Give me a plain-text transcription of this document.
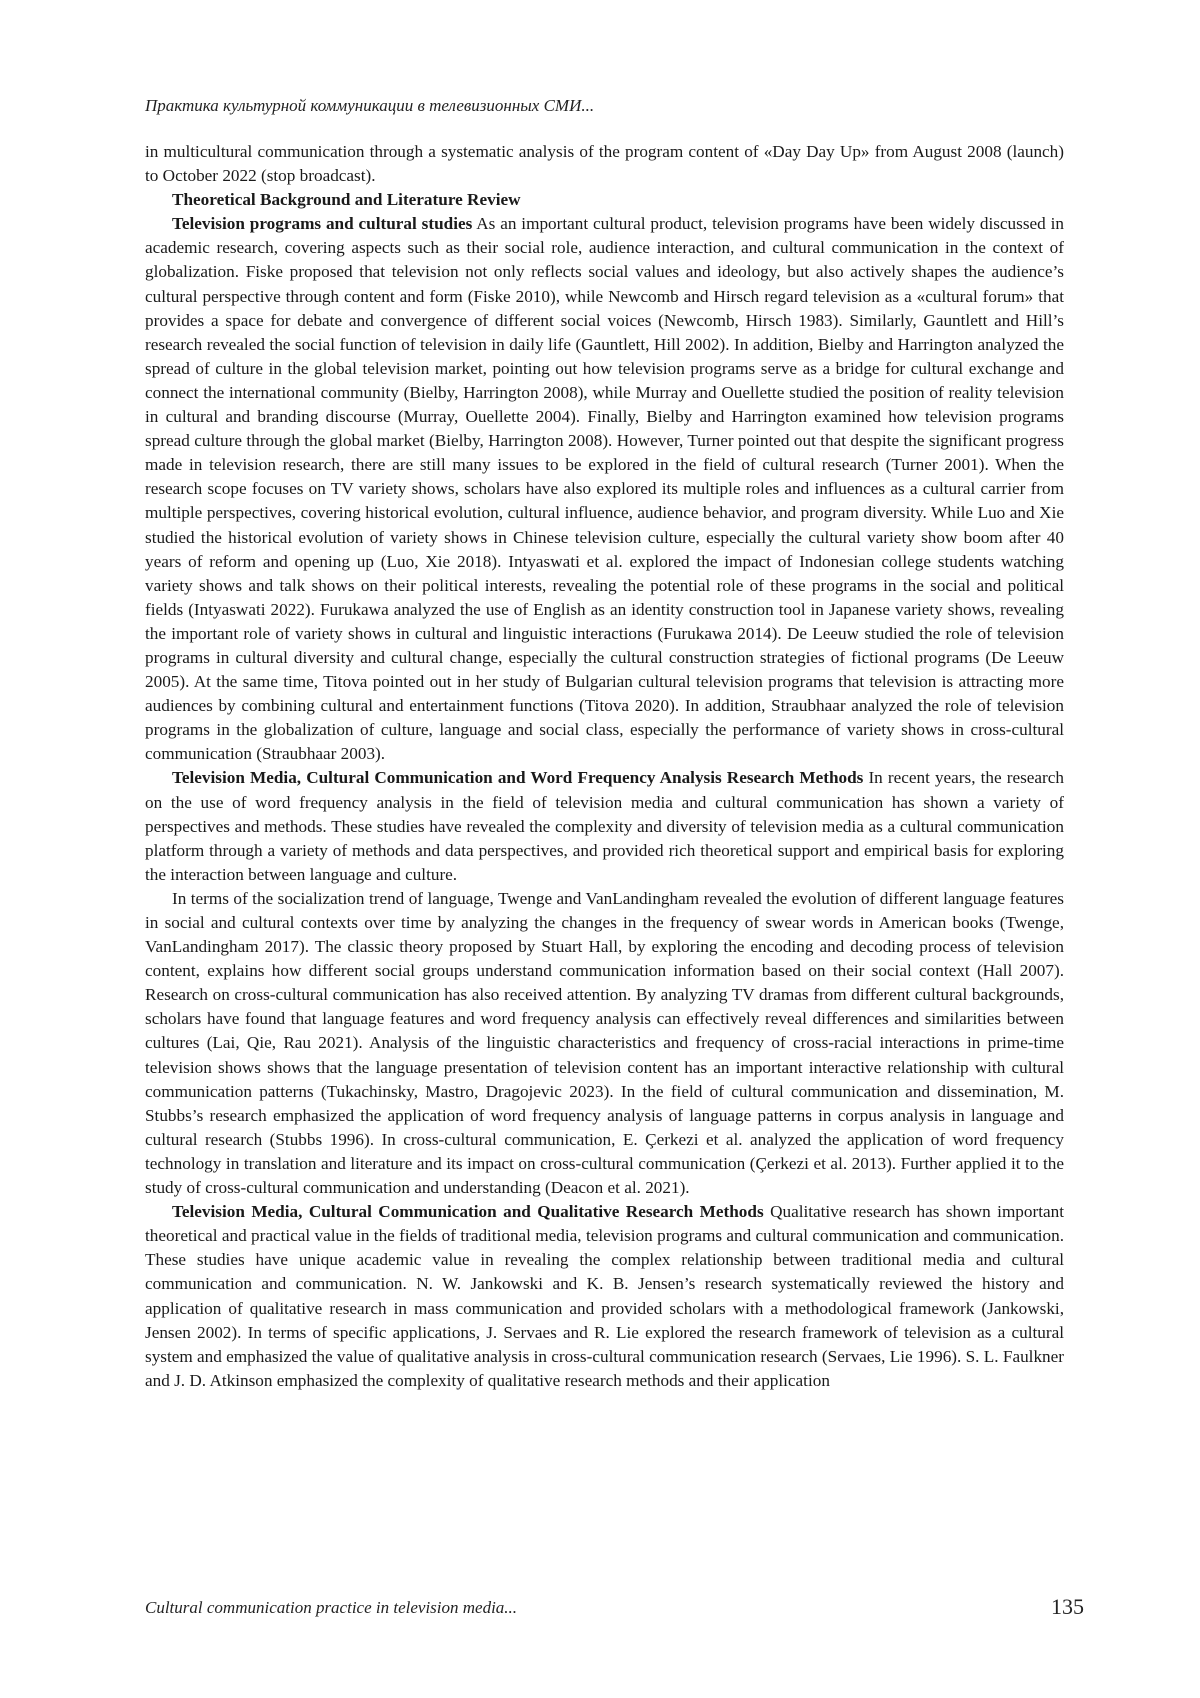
Практика культурной коммуникации в телевизионных СМИ...

in multicultural communication through a systematic analysis of the program content of «Day Day Up» from August 2008 (launch) to October 2022 (stop broadcast).

Theoretical Background and Literature Review

Television programs and cultural studies As an important cultural product, television programs have been widely discussed in academic research, covering aspects such as their social role, audience interaction, and cultural communication in the context of globalization. Fiske proposed that television not only reflects social values and ideology, but also actively shapes the audience’s cultural perspective through content and form (Fiske 2010), while Newcomb and Hirsch regard television as a «cultural forum» that provides a space for debate and convergence of different social voices (Newcomb, Hirsch 1983). Similarly, Gauntlett and Hill’s research revealed the social function of television in daily life (Gauntlett, Hill 2002). In addition, Bielby and Harrington analyzed the spread of culture in the global television market, pointing out how television programs serve as a bridge for cultural exchange and connect the international community (Bielby, Harrington 2008), while Murray and Ouellette studied the position of reality television in cultural and branding discourse (Murray, Ouellette 2004). Finally, Bielby and Harrington examined how television programs spread culture through the global market (Bielby, Harrington 2008). However, Turner pointed out that despite the significant progress made in television research, there are still many issues to be explored in the field of cultural research (Turner 2001). When the research scope focuses on TV variety shows, scholars have also explored its multiple roles and influences as a cultural carrier from multiple perspectives, covering historical evolution, cultural influence, audience behavior, and program diversity. While Luo and Xie studied the historical evolution of variety shows in Chinese television culture, especially the cultural variety show boom after 40 years of reform and opening up (Luo, Xie 2018). Intyaswati et al. explored the impact of Indonesian college students watching variety shows and talk shows on their political interests, revealing the potential role of these programs in the social and political fields (Intyaswati 2022). Furukawa analyzed the use of English as an identity construction tool in Japanese variety shows, revealing the important role of variety shows in cultural and linguistic interactions (Furukawa 2014). De Leeuw studied the role of television programs in cultural diversity and cultural change, especially the cultural construction strategies of fictional programs (De Leeuw 2005). At the same time, Titova pointed out in her study of Bulgarian cultural television programs that television is attracting more audiences by combining cultural and entertainment functions (Titova 2020). In addition, Straubhaar analyzed the role of television programs in the globalization of culture, language and social class, especially the performance of variety shows in cross-cultural communication (Straubhaar 2003).

Television Media, Cultural Communication and Word Frequency Analysis Research Methods In recent years, the research on the use of word frequency analysis in the field of television media and cultural communication has shown a variety of perspectives and methods. These studies have revealed the complexity and diversity of television media as a cultural communication platform through a variety of methods and data perspectives, and provided rich theoretical support and empirical basis for exploring the interaction between language and culture.

In terms of the socialization trend of language, Twenge and VanLandingham revealed the evolution of different language features in social and cultural contexts over time by analyzing the changes in the frequency of swear words in American books (Twenge, VanLandingham 2017). The classic theory proposed by Stuart Hall, by exploring the encoding and decoding process of television content, explains how different social groups understand communication information based on their social context (Hall 2007). Research on cross-cultural communication has also received attention. By analyzing TV dramas from different cultural backgrounds, scholars have found that language features and word frequency analysis can effectively reveal differences and similarities between cultures (Lai, Qie, Rau 2021). Analysis of the linguistic characteristics and frequency of cross-racial interactions in prime-time television shows shows that the language presentation of television content has an important interactive relationship with cultural communication patterns (Tukachinsky, Mastro, Dragojevic 2023). In the field of cultural communication and dissemination, M. Stubbs’s research emphasized the application of word frequency analysis of language patterns in corpus analysis in language and cultural research (Stubbs 1996). In cross-cultural communication, E. Çerkezi et al. analyzed the application of word frequency technology in translation and literature and its impact on cross-cultural communication (Çerkezi et al. 2013). Further applied it to the study of cross-cultural communication and understanding (Deacon et al. 2021).

Television Media, Cultural Communication and Qualitative Research Methods Qualitative research has shown important theoretical and practical value in the fields of traditional media, television programs and cultural communication and communication. These studies have unique academic value in revealing the complex relationship between traditional media and cultural communication and communication. N. W. Jankowski and K. B. Jensen’s research systematically reviewed the history and application of qualitative research in mass communication and provided scholars with a methodological framework (Jankowski, Jensen 2002). In terms of specific applications, J. Servaes and R. Lie explored the research framework of television as a cultural system and emphasized the value of qualitative analysis in cross-cultural communication research (Servaes, Lie 1996). S. L. Faulkner and J. D. Atkinson emphasized the complexity of qualitative research methods and their application

Cultural communication practice in television media...	135
